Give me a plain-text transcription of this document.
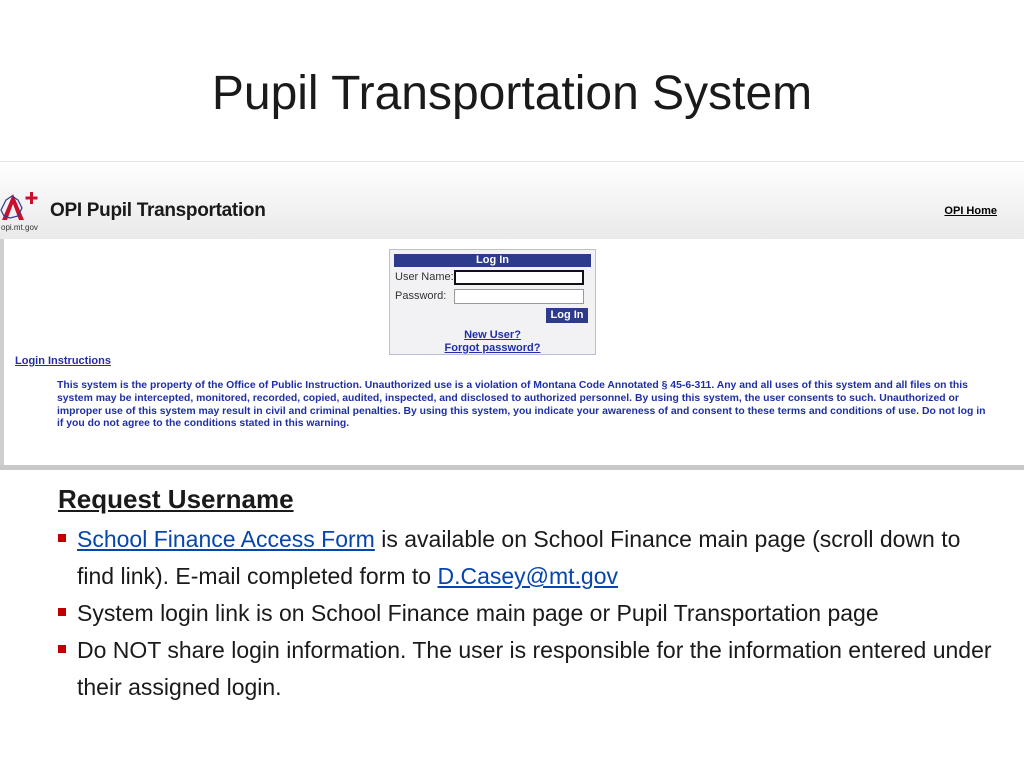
Pupil Transportation System
opi.mt.gov
OPI Pupil Transportation	OPI Home
Log In
User Name:
Password:
Log In
New User?
Forgot password?
Login Instructions
This system is the property of the Office of Public Instruction. Unauthorized use is a violation of Montana Code Annotated § 45-6-311. Any and all uses of this system and all files on this system may be intercepted, monitored, recorded, copied, audited, inspected, and disclosed to authorized personnel. By using this system, the user consents to such. Unauthorized or improper use of this system may result in civil and criminal penalties. By using this system, you indicate your awareness of and consent to these terms and conditions of use. Do not log in if you do not agree to the conditions stated in this warning.
Request Username
School Finance Access Form is available on School Finance main page (scroll down to find link). E-mail completed form to D.Casey@mt.gov
System login link is on School Finance main page or Pupil Transportation page
Do NOT share login information. The user is responsible for the information entered under their assigned login.
